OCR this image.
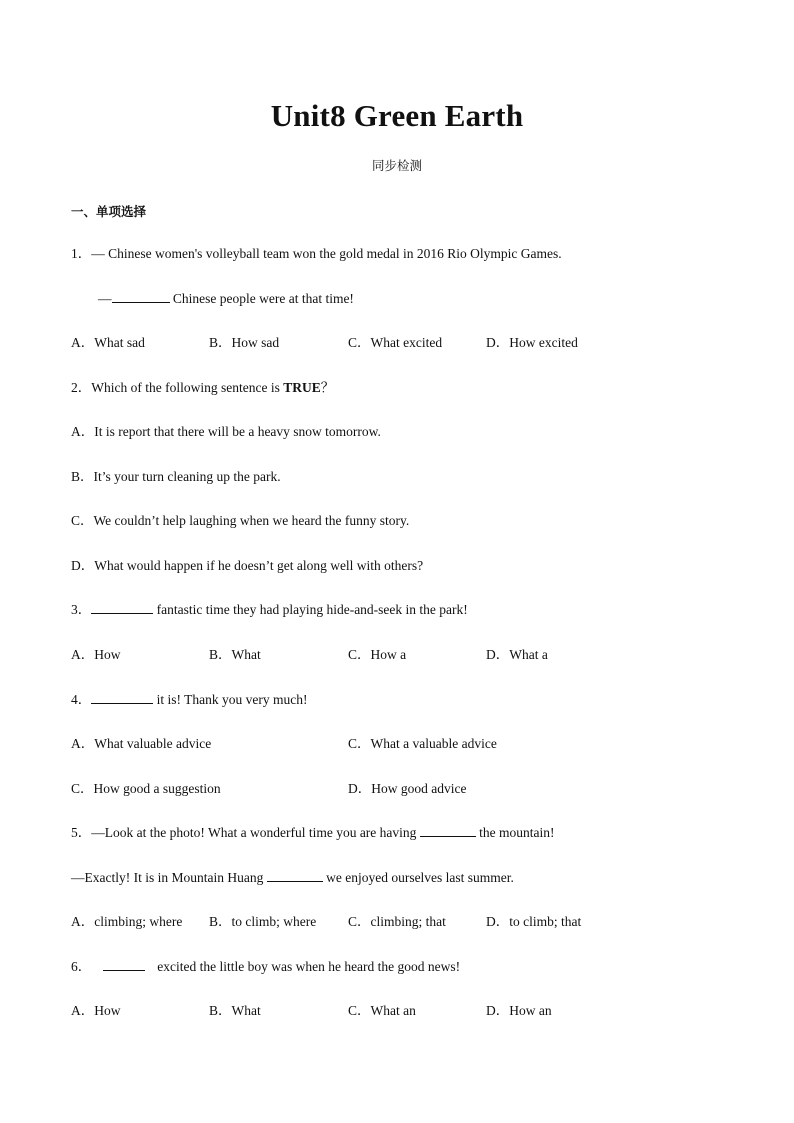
Unit8 Green Earth
同步检测
一、单项选择
1．— Chinese women's volleyball team won the gold medal in 2016 Rio Olympic Games.
—	Chinese people were at that time!
A．What sad	B．How sad	C．What excited	D．How excited
2．Which of the following sentence is TRUE？
A．It is report that there will be a heavy snow tomorrow.
B．It’s your turn cleaning up the park.
C．We couldn’t help laughing when we heard the funny story.
D．What would happen if he doesn’t get along well with others?
3．	fantastic time they had playing hide-and-seek in the park!
A．How	B．What	C．How a	D．What a
4．	it is! Thank you very much!
A．What valuable advice	C．What a valuable advice
C．How good a suggestion	D．How good advice
5．—Look at the photo! What a wonderful time you are having	the mountain!
—Exactly! It is in Mountain Huang	we enjoyed ourselves last summer.
A．climbing; where B．to climb; where C．climbing; that	D．to climb; that
6．	excited the little boy was when he heard the good news!
A．How	B．What	C．What an	D．How an
